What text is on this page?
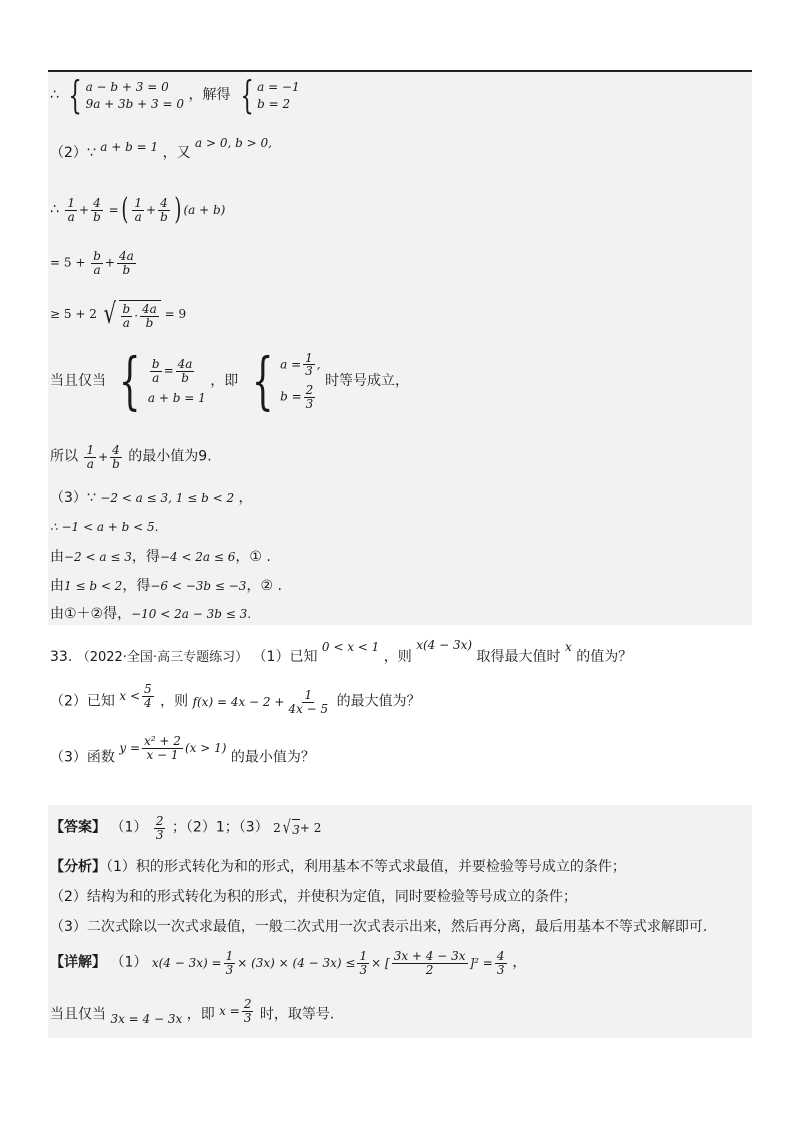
∴ { a − b + 3 = 0
9a + 3b + 3 = 0
，解得 { a = −1
b = 2
（2）∵ a + b = 1 ，又 a > 0, b > 0,
∴ $\frac{1}{a} + \frac{4}{b}$ =( $\frac{1}{a} + \frac{4}{b}$ ) (a + b)
= $5 + \frac{b}{a} + \frac{4a}{b}$
≥ 5 + 2 √ $\frac{b}{a} \cdot \frac{4a}{b} = 9$
当且仅当 { $\frac{b}{a} = \frac{4a}{b}$
a + b = 1
，即 { $a = \frac{1}{3}$ ,
$b = \frac{2}{3}$
时等号成立，
所以 $\frac{1}{a} + \frac{4}{b}$ 的最小值为9.
（3）∵ −2 < a ≤ 3, 1 ≤ b < 2 ，
∴ −1 < a + b < 5.
由−2 < a ≤ 3，得−4 < 2a ≤ 6，① .
由1 ≤ b < 2，得−6 < −3b ≤ −3，② .
由①＋②得，−10 < 2a − 3b ≤ 3.
33. （2022·全国·高三专题练习） （1）已知 0 < x < 1 ，则 x(4 − 3x) 取得最大值时 x 的值为？
（2）已知 $x < \frac{5}{4}$ ，则 $f(x) = 4x - 2 + \frac{1}{4x - 5}$ 的最大值为？
（3）函数 $y = \frac{\text{x² + 2}}{x - 1} (x > 1)$ 的最小值为？
【答案】 $(1) \frac{2}{3}$ ；（2）1；（3） 2 √ 3 + 2
【分析】（1）积的形式转化为和的形式，利用基本不等式求最值，并要检验等号成立的条件；
（2）结构为和的形式转化为积的形式，并使积为定值，同时要检验等号成立的条件；
（3）二次式除以一次式求最值，一般二次式用一次式表示出来，然后再分离，最后用基本不等式求解即可.
【详解】 （1） $x(4 - 3x) = \frac{1}{3} \times (3x) \times (4 - 3x) \le \frac{1}{3}$ × [ $\frac{3x + 4 - 3x}{2} ]^2 = \frac{4}{3}$ ，
当且仅当 3x = 4 − 3x ，即 $x = \frac{2}{3}$ 时，取等号.
